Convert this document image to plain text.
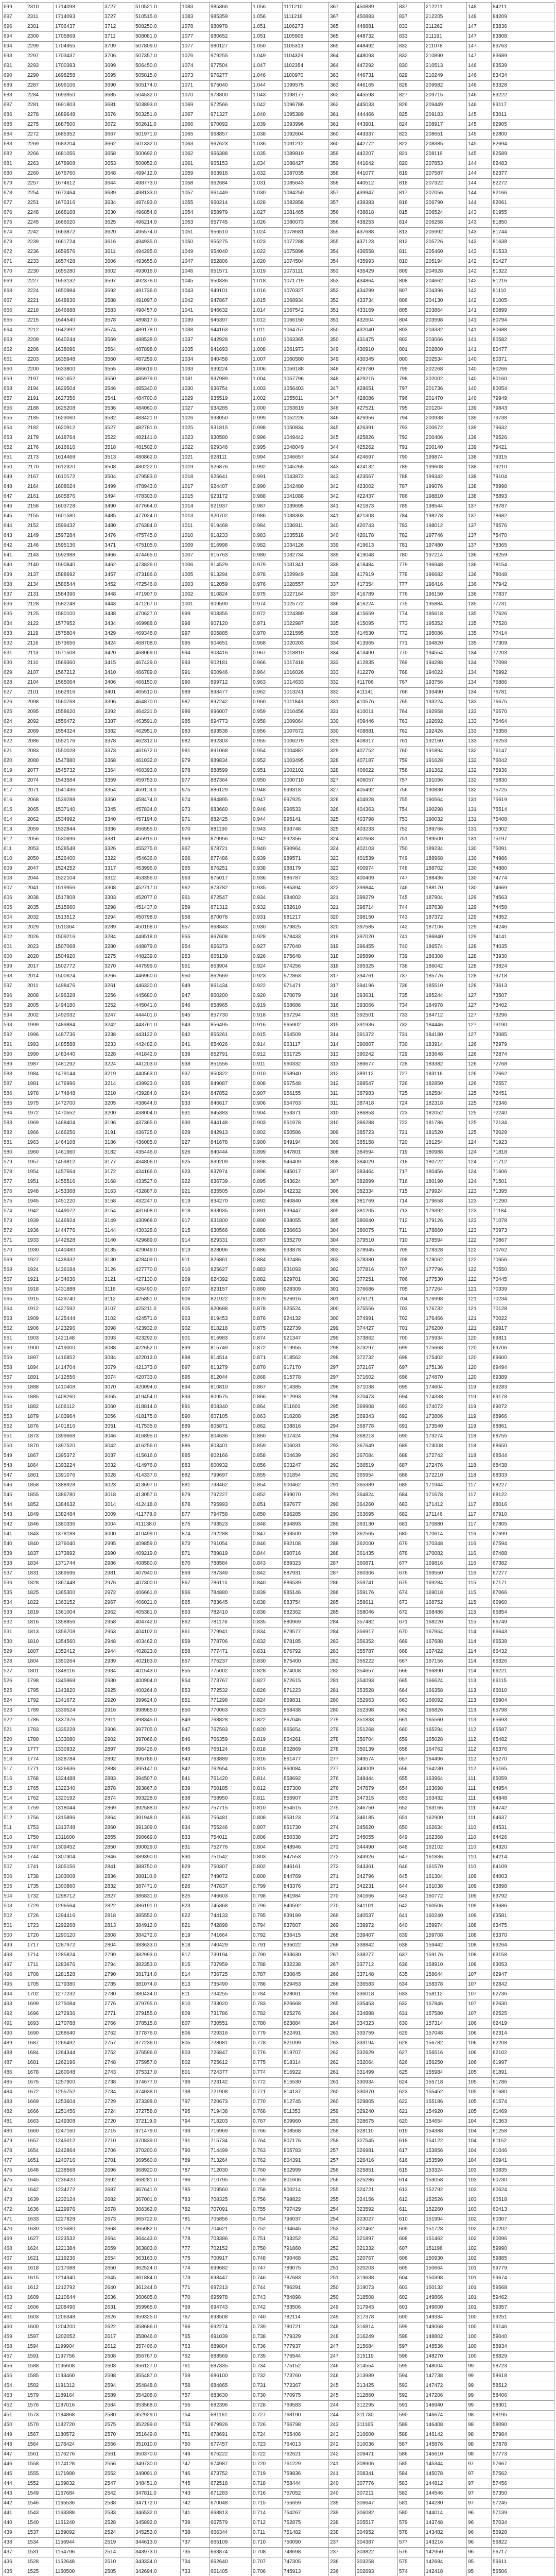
699	2310	1714098	3727	510521.0	1083	985366	1.056	1111210	367	450889	837	212211	148	84211
697	2311	1714093	3727	510515.0	1083	985359	1.056	1111218	367	450883	837	212205	148	84209
696	2301	1706437	3712	508250.0	1078	980978	1.051	1106273	365	448881	833	211262	147	83836
694	2300	1705869	3711	508081.0	1077	980652	1.051	1105905	365	448732	833	211191	147	83808
694	2299	1704955	3709	507809.0	1077	980127	1.050	1105313	365	448492	832	211078	147	83763
693	2297	1703437	3706	507357.0	1076	979255	1.049	1104329	364	448093	832	210890	147	83689
691	2293	1700393	3699	506450.0	1074	977504	1.047	1102354	364	447292	830	210513	146	83539
690	2290	1698258	3695	505815.0	1073	976277	1.046	1100970	363	446731	829	210249	146	83434
689	2287	1696106	3690	505174.0	1071	975040	1.044	1099575	363	446165	828	209982	146	83328
688	2284	1693950	3685	504532.0	1070	973800	1.043	1098177	362	445598	827	209715	146	83222
687	2281	1691803	3681	503893.0	1069	972566	1.042	1096786	362	445033	826	209449	146	83117
686	2278	1689648	3676	503251.0	1067	971327	1.040	1095389	361	444466	825	209183	145	83011
685	2275	1687500	3672	502611.0	1066	970092	1.039	1093996	361	443901	824	208917	145	82905
684	2272	1685352	3667	501971.0	1065	968857	1.038	1092604	360	443337	823	208651	145	82800
683	2269	1683204	3662	501332.0	1063	967623	1.036	1091212	360	442772	822	208385	145	82694
682	2266	1681056	3658	500692.0	1062	966388	1.035	1089819	359	442207	821	208119	145	82589
681	2263	1678908	3653	500052.0	1061	965153	1.034	1088427	359	441642	820	207853	144	82483
680	2260	1676760	3648	499412.0	1059	963918	1.032	1087035	358	441077	819	207587	144	82377
679	2257	1674612	3644	498773.0	1058	962684	1.031	1085643	358	440512	818	207322	144	82272
678	2254	1672464	3639	498133.0	1057	961449	1.030	1084250	357	439947	817	207056	144	82166
677	2251	1670316	3634	497493.0	1055	960214	1.028	1082858	357	439383	816	206790	144	82061
676	2248	1668168	3630	496854.0	1054	958979	1.027	1081465	356	438818	815	206524	143	81955
675	2245	1666020	3625	496214.0	1053	957745	1.026	1080073	356	438253	814	206258	143	81850
674	2242	1663872	3620	495574.0	1051	956510	1.024	1078681	355	437688	813	205992	143	81744
673	2239	1661724	3616	494935.0	1050	955275	1.023	1077288	355	437123	812	205726	143	81638
672	2236	1659576	3611	494295.0	1049	954040	1.022	1075896	354	436558	811	205460	143	81533
671	2233	1657428	3606	493655.0	1047	952806	1.020	1074504	354	435993	810	205194	142	81427
670	2230	1655280	3602	493016.0	1046	951571	1.019	1073111	353	435429	809	204928	142	81322
669	2227	1653132	3597	492376.0	1045	950336	1.018	1071719	353	434864	808	204662	142	81216
668	2224	1650984	3592	491736.0	1043	949101	1.016	1070327	352	434299	807	204396	142	81110
667	2221	1648836	3588	491097.0	1042	947867	1.015	1068934	352	433734	806	204130	142	81005
666	2218	1646688	3583	490457.0	1041	946632	1.014	1067542	351	433169	805	203864	141	80899
665	2215	1644540	3578	489817.0	1039	945397	1.012	1066150	351	432604	804	203598	141	80794
664	2212	1642392	3574	489178.0	1038	944163	1.011	1064757	350	432040	803	203332	141	80688
663	2209	1640244	3569	488538.0	1037	942928	1.010	1063365	350	431475	802	203066	141	80582
662	2206	1638096	3564	487898.0	1035	941693	1.008	1061973	349	430910	801	202800	141	80477
661	2203	1635948	3560	487259.0	1034	940458	1.007	1060580	349	430345	800	202534	140	80371
660	2200	1633800	3555	486619.0	1033	939224	1.006	1059188	348	429780	799	202268	140	80266
659	2197	1631652	3550	485979.0	1031	937989	1.004	1057796	348	429215	798	202002	140	80160
658	2194	1629504	3546	485340.0	1030	936754	1.003	1056403	347	428651	797	201736	140	80054
657	2191	1627356	3541	484700.0	1029	935519	1.002	1055011	347	428086	796	201470	140	79949
656	2188	1625208	3536	484060.0	1027	934285	1.000	1053619	346	427521	795	201204	139	79843
655	2185	1623060	3532	483421.0	1026	933050	0.999	1052226	346	426956	794	200938	139	79738
654	2182	1620912	3527	482781.0	1025	931815	0.998	1050834	345	426391	793	200672	139	79632
653	2179	1618764	3522	482141.0	1023	930580	0.996	1049442	345	425826	792	200406	139	79526
652	2176	1616616	3518	481502.0	1022	929346	0.995	1048049	344	425262	791	200140	139	79421
651	2173	1614468	3513	480862.0	1021	928111	0.994	1046657	344	424697	790	199874	138	79315
650	2170	1612320	3508	480222.0	1019	926876	0.992	1045265	343	424132	789	199608	138	79210
649	2167	1610172	3504	479583.0	1018	925641	0.991	1043872	343	423567	788	199342	138	79104
648	2164	1608024	3499	478943.0	1017	924407	0.990	1042480	342	423002	787	199076	138	78998
647	2161	1605876	3494	478303.0	1015	923172	0.988	1041088	342	422437	786	198810	138	78893
646	2158	1603728	3490	477664.0	1014	921937	0.987	1039695	341	421873	785	198544	137	78787
645	2155	1601580	3485	477024.0	1013	920702	0.986	1038303	341	421308	784	198278	137	78682
644	2152	1599432	3480	476384.0	1011	919468	0.984	1036911	340	420743	783	198012	137	78576
643	2149	1597284	3476	475745.0	1010	918233	0.983	1035518	340	420178	782	197746	137	78470
642	2146	1595136	3471	475105.0	1009	916998	0.982	1034126	339	419613	781	197480	137	78365
641	2143	1592988	3466	474465.0	1007	915763	0.980	1032734	339	419048	780	197214	136	78259
640	2140	1590840	3462	473826.0	1006	914529	0.979	1031341	338	418484	779	196948	136	78154
639	2137	1588692	3457	473186.0	1005	913294	0.978	1029949	338	417919	778	196682	136	78048
638	2134	1586544	3452	472546.0	1003	912059	0.976	1028557	337	417354	777	196416	136	77942
637	2131	1584396	3448	471907.0	1002	910824	0.975	1027164	337	416789	776	196150	136	77837
636	2128	1582248	3443	471267.0	1001	909590	0.974	1025772	336	416224	775	195884	135	77731
635	2125	1580100	3438	470627.0	999	908355	0.972	1024380	336	415659	774	195618	135	77626
634	2122	1577952	3434	469988.0	998	907120	0.971	1022987	335	415095	773	195352	135	77520
633	2119	1575804	3429	469348.0	997	905885	0.970	1021595	335	414530	772	195086	135	77414
632	2116	1573656	3424	468708.0	995	904651	0.968	1020203	334	413965	771	194820	135	77309
631	2113	1571508	3420	468069.0	994	903416	0.967	1018810	334	413400	770	194554	134	77203
630	2110	1569360	3415	467429.0	993	902181	0.966	1017418	333	412835	769	194288	134	77098
629	2107	1567212	3410	466789.0	991	900946	0.964	1016026	333	412270	768	194022	134	76992
628	2104	1565064	3406	466150.0	990	899712	0.963	1014633	332	411706	767	193756	134	76886
627	2101	1562916	3401	465510.0	989	898477	0.962	1013241	332	411141	766	193490	134	76781
626	2098	1560768	3396	464870.0	987	897242	0.960	1011849	331	410576	765	193224	133	76675
625	2095	1558620	3392	464231.0	986	896007	0.959	1010456	331	410011	764	192958	133	76570
624	2092	1556472	3387	463591.0	985	894773	0.958	1009064	330	409446	763	192692	133	76464
623	2089	1554324	3382	462951.0	983	893538	0.956	1007672	330	408881	762	192426	133	76358
622	2086	1552176	3378	462312.0	982	892303	0.955	1006279	329	408317	761	192160	133	76253
621	2083	1550028	3373	461672.0	981	891068	0.954	1004887	329	407752	760	191894	132	76147
620	2080	1547880	3368	461032.0	979	889834	0.952	1003495	328	407187	759	191628	132	76042
619	2077	1545732	3364	460393.0	978	888599	0.951	1002102	328	406622	758	191362	132	75936
618	2074	1543584	3359	459753.0	977	887364	0.950	1000710	327	406057	757	191096	132	75830
617	2071	1541436	3354	459113.0	975	886129	0.948	999318	327	405492	756	190830	132	75725
616	2068	1539288	3350	458474.0	974	884895	0.947	997925	326	404928	755	190564	131	75619
615	2065	1537140	3345	457834.0	973	883660	0.946	996533	326	404363	754	190298	131	75514
614	2062	1534992	3340	457194.0	971	882425	0.944	995141	325	403798	753	190032	131	75408
613	2059	1532844	3336	456555.0	970	881190	0.943	993748	325	403233	752	189766	131	75302
612	2056	1530696	3331	455915.0	969	879956	0.942	992356	324	402668	751	189500	131	75197
611	2053	1528548	3326	455275.0	967	878721	0.940	990964	324	402103	750	189234	130	75091
610	2050	1526400	3322	454636.0	966	877486	0.939	989571	323	401539	749	188968	130	74986
609	2047	1524252	3317	453996.0	965	876251	0.938	988179	323	400974	748	188702	130	74880
608	2044	1522104	3312	453356.0	963	875017	0.936	986787	322	400409	747	188436	130	74774
607	2041	1519956	3308	452717.0	962	873782	0.935	985394	322	399844	746	188170	130	74669
606	2038	1517808	3303	452077.0	961	872547	0.934	984002	321	399279	745	187904	129	74563
605	2035	1515660	3298	451437.0	959	871312	0.932	982610	321	398714	744	187638	129	74458
604	2032	1513512	3294	450798.0	958	870078	0.931	981217	320	398150	743	187372	129	74352
603	2029	1511364	3289	450158.0	957	868843	0.930	979825	320	397585	742	187106	129	74246
602	2026	1509216	3284	449518.0	955	867608	0.928	978433	319	397020	741	186840	129	74141
601	2023	1507068	3280	448879.0	954	866373	0.927	977040	319	396455	740	186574	128	74035
600	2020	1504920	3275	448239.0	953	865139	0.926	975648	318	395890	739	186308	128	73930
599	2017	1502772	3270	447599.0	951	863904	0.924	974256	318	395325	738	186042	128	73824
598	2014	1500624	3266	446960.0	950	862669	0.923	972863	317	394761	737	185776	128	73718
597	2011	1498476	3261	446320.0	949	861434	0.922	971471	317	394196	736	185510	128	73613
596	2008	1496328	3256	445680.0	947	860200	0.920	970079	316	393631	735	185244	127	73507
595	2005	1494180	3252	445041.0	946	858965	0.919	968686	316	393066	734	184978	127	73402
594	2002	1492032	3247	444401.0	945	857730	0.918	967294	315	392501	733	184712	127	73296
593	1999	1489884	3242	443761.0	943	856495	0.916	965902	315	391936	732	184446	127	73190
592	1996	1487736	3238	443122.0	942	855261	0.915	964509	314	391372	731	184180	127	73085
591	1993	1485588	3233	442482.0	941	854026	0.914	963117	314	390807	730	183914	126	72979
590	1990	1483440	3228	441842.0	939	852791	0.912	961725	313	390242	729	183648	126	72874
589	1987	1481292	3224	441203.0	938	851556	0.911	960332	313	389677	728	183382	126	72768
588	1984	1479144	3219	440563.0	937	850322	0.910	958940	312	389112	727	183116	126	72662
587	1981	1476996	3214	439923.0	935	849087	0.908	957548	312	388547	726	182850	126	72557
586	1978	1474848	3210	439284.0	934	847852	0.907	956155	311	387983	725	182584	125	72451
585	1975	1472700	3205	438644.0	933	846617	0.906	954763	311	387418	724	182318	125	72346
584	1972	1470552	3200	438004.0	931	845383	0.904	953371	310	386853	723	182052	125	72240
583	1969	1468404	3196	437365.0	930	844148	0.903	951978	310	386288	722	181786	125	72134
582	1966	1466256	3191	436725.0	929	842913	0.902	950586	309	385723	721	181520	125	72029
581	1963	1464108	3186	436085.0	927	841678	0.900	949194	309	385158	720	181254	124	71923
580	1960	1461960	3182	435446.0	926	840444	0.899	947801	308	384594	719	180988	124	71818
579	1957	1459812	3177	434806.0	925	839209	0.898	946409	308	384029	718	180722	124	71712
578	1954	1457664	3172	434166.0	923	837974	0.896	945017	307	383464	717	180456	124	71606
577	1951	1455516	3168	433527.0	922	836739	0.895	943624	307	382899	716	180190	124	71501
576	1948	1453368	3163	432887.0	921	835505	0.894	942232	306	382334	715	179924	123	71395
575	1945	1451220	3158	432247.0	919	834270	0.892	940840	306	381769	714	179658	123	71290
574	1942	1449072	3154	431608.0	918	833035	0.891	939447	305	381205	713	179392	123	71184
573	1939	1446924	3149	430968.0	917	831800	0.890	938055	305	380640	712	179126	123	71078
572	1936	1444776	3144	430328.0	915	830566	0.888	936663	304	380075	711	178860	123	70973
571	1933	1442628	3140	429689.0	914	829331	0.887	935270	304	379510	710	178594	122	70867
570	1930	1440480	3135	429049.0	913	828096	0.886	933878	303	378945	709	178328	122	70762
569	1927	1438332	3130	428409.0	911	826861	0.884	932486	303	378380	708	178062	122	70656
568	1924	1436184	3126	427770.0	910	825627	0.883	931093	302	377816	707	177796	122	70550
567	1921	1434036	3121	427130.0	909	824392	0.882	929701	302	377251	706	177530	122	70445
566	1918	1431888	3116	426490.0	907	823157	0.880	928309	301	376686	705	177264	121	70339
565	1915	1429740	3112	425851.0	906	821922	0.879	926916	301	376121	704	176998	121	70234
564	1912	1427592	3107	425211.0	905	820688	0.878	925524	300	375556	703	176732	121	70128
563	1909	1425444	3102	424571.0	903	819453	0.876	924132	300	374991	702	176466	121	70022
562	1906	1423296	3098	423932.0	902	818218	0.875	922739	299	374427	701	176200	121	69917
561	1903	1421148	3093	423292.0	901	816983	0.874	921347	299	373862	700	175934	120	69811
560	1900	1419000	3088	422652.0	899	815749	0.872	919955	298	373297	699	175668	120	69706
559	1897	1416852	3084	422013.0	898	814514	0.871	918562	298	372732	698	175402	120	69600
558	1894	1414704	3079	421373.0	897	813279	0.870	917170	297	372167	697	175136	120	69494
557	1891	1412556	3074	420733.0	895	812044	0.868	915778	297	371602	696	174870	120	69389
556	1888	1410408	3070	420094.0	894	810810	0.867	914385	296	371038	695	174604	119	69283
555	1885	1408260	3065	419454.0	893	809575	0.866	912993	296	370473	694	174338	119	69178
554	1882	1406112	3060	418814.0	891	808340	0.864	911601	295	369908	693	174072	119	69072
553	1879	1403964	3056	418175.0	890	807105	0.863	910208	295	369343	692	173806	119	68966
552	1876	1401816	3051	417535.0	889	805871	0.862	908816	294	368778	691	173540	119	68861
551	1873	1399668	3046	416895.0	887	804636	0.860	907424	294	368213	690	173274	118	68755
550	1870	1397520	3042	416256.0	886	803401	0.859	906031	293	367649	689	173008	118	68650
549	1867	1395372	3037	415616.0	885	802166	0.858	904639	293	367084	688	172742	118	68544
548	1864	1393224	3032	414976.0	883	800932	0.856	903247	292	366519	687	172476	118	68438
547	1861	1391076	3028	414337.0	882	799697	0.855	901854	292	365954	686	172210	118	68333
546	1858	1388928	3023	413697.0	881	798462	0.854	900462	291	365389	685	171944	117	68227
545	1855	1386780	3018	413057.0	879	797227	0.852	899070	291	364824	684	171678	117	68122
544	1852	1384632	3014	412418.0	878	795993	0.851	897677	290	364260	683	171412	117	68016
543	1849	1382484	3009	411778.0	877	794758	0.850	896285	290	363695	682	171146	117	67910
542	1846	1380336	3004	411138.0	875	793523	0.848	894893	289	363130	681	170880	117	67805
541	1843	1378188	3000	410499.0	874	792288	0.847	893500	289	362565	680	170614	116	67699
540	1840	1376040	2995	409859.0	873	791054	0.846	892108	288	362000	679	170348	116	67594
539	1837	1373892	2990	409219.0	871	789819	0.844	890716	288	361435	678	170082	116	67488
538	1834	1371744	2986	408580.0	870	788584	0.843	889323	287	360871	677	169816	116	67382
537	1831	1369596	2981	407940.0	869	787349	0.842	887931	287	360306	676	169550	116	67277
536	1828	1367448	2976	407300.0	867	786115	0.840	886539	286	359741	675	169284	115	67171
535	1825	1365300	2972	406661.0	866	784880	0.839	885146	286	359176	674	169018	115	67066
534	1822	1363152	2967	406021.0	865	783645	0.838	883754	285	358611	673	168752	115	66960
533	1819	1361004	2962	405381.0	863	782410	0.836	882362	285	358046	672	168486	115	66854
532	1816	1358856	2958	404742.0	862	781176	0.835	880969	284	357482	671	168220	115	66749
531	1813	1356708	2953	404102.0	861	779941	0.834	879577	284	356917	670	167954	114	66643
530	1810	1354560	2948	403462.0	859	778706	0.832	878185	283	356352	669	167688	114	66538
529	1807	1352412	2944	402823.0	858	777471	0.831	876792	283	355787	668	167422	114	66432
528	1804	1350264	2939	402183.0	857	776237	0.830	875400	282	355222	667	167156	114	66326
527	1801	1348116	2934	401543.0	855	775002	0.828	874008	282	354657	666	166890	114	66221
526	1798	1345968	2930	400904.0	854	773767	0.827	872615	281	354093	665	166624	113	66115
525	1795	1343820	2925	400264.0	853	772532	0.826	871223	281	353528	664	166358	113	66010
524	1792	1341672	2920	399624.0	851	771298	0.824	869831	280	352963	663	166092	113	65904
523	1789	1339524	2916	398985.0	850	770063	0.823	868438	280	352398	662	165826	113	65798
522	1786	1337376	2911	398345.0	849	768828	0.822	867046	279	351833	661	165560	113	65693
521	1783	1335228	2906	397705.0	847	767593	0.820	865654	279	351268	660	165294	112	65587
520	1780	1333080	2902	397066.0	846	766359	0.819	864261	278	350704	659	165028	112	65482
519	1777	1330932	2897	396426.0	845	765124	0.818	862869	278	350139	658	164762	112	65376
518	1774	1328784	2892	395786.0	843	763889	0.816	861477	277	349574	657	164496	112	65270
517	1771	1326636	2888	395147.0	842	762654	0.815	860084	277	349009	656	164230	112	65165
516	1768	1324488	2883	394507.0	841	761420	0.814	858692	276	348444	655	163964	111	65059
515	1765	1322340	2878	393867.0	839	760185	0.812	857300	276	347879	654	163698	111	64954
514	1762	1320192	2874	393228.0	838	758950	0.811	855907	275	347315	653	163432	111	64848
513	1759	1318044	2869	392588.0	837	757715	0.810	854515	275	346750	652	163166	111	64742
512	1756	1315896	2864	391948.0	835	756481	0.808	853123	274	346185	651	162900	111	64637
511	1753	1313748	2860	391309.0	834	755246	0.807	851730	274	345620	650	162634	110	64531
510	1750	1311600	2855	390669.0	833	754011	0.806	850338	273	345055	649	162368	110	64426
509	1747	1309452	2850	390029.0	831	752776	0.804	848946	273	344490	648	162102	110	64320
508	1744	1307304	2846	389390.0	830	751542	0.803	847553	272	343926	647	161836	110	64214
507	1741	1305156	2841	388750.0	829	750307	0.802	846161	272	343361	646	161570	110	64109
506	1738	1303008	2836	388110.0	827	749072	0.800	844769	271	342796	645	161304	109	64003
505	1735	1300860	2832	387471.0	826	747837	0.799	843376	271	342231	644	161038	109	63898
504	1732	1298712	2827	386831.0	825	746603	0.798	841984	270	341666	643	160772	109	63792
503	1729	1296564	2822	386191.0	823	745368	0.796	840592	270	341101	642	160506	109	63686
502	1726	1294416	2818	385552.0	822	744133	0.795	839199	269	340537	641	160240	109	63581
501	1723	1292268	2813	384912.0	821	742898	0.794	837807	269	339972	640	159974	108	63475
500	1720	1290120	2808	384272.0	819	741664	0.792	836415	268	339407	639	159708	108	63370
499	1717	1287972	2804	383633.0	818	740429	0.791	835022	268	338842	638	159442	108	63264
498	1714	1285824	2799	382993.0	817	739194	0.790	833630	267	338277	637	159176	108	63158
497	1711	1283676	2794	382353.0	815	737959	0.788	832238	267	337712	636	158910	108	63053
496	1708	1281528	2790	381714.0	814	736725	0.787	830845	266	337148	635	158644	107	62947
495	1705	1279380	2785	381074.0	813	735490	0.786	829453	266	336583	634	158378	107	62842
494	1702	1277232	2780	380434.0	811	734255	0.784	828061	265	336018	633	158112	107	62736
493	1699	1275084	2776	379795.0	810	733020	0.783	826668	265	335453	632	157846	107	62630
492	1696	1272936	2771	379155.0	809	731786	0.782	825276	264	334888	631	157580	107	62525
491	1693	1270788	2766	378515.0	807	730551	0.780	823884	264	334323	630	157314	106	62419
490	1690	1268640	2762	377876.0	806	729316	0.779	822491	263	333759	629	157048	106	62314
489	1687	1266492	2757	377236.0	805	728081	0.778	821099	263	333194	628	156782	106	62208
488	1684	1264344	2752	376596.0	803	726847	0.776	819707	262	332629	627	156516	106	62102
487	1681	1262196	2748	375957.0	802	725612	0.775	818314	262	332064	626	156250	106	61997
486	1678	1260048	2743	375317.0	801	724377	0.774	816922	261	331499	625	155984	105	61891
485	1675	1257900	2738	374677.0	799	723142	0.772	815530	261	330934	624	155718	105	61786
484	1672	1255752	2734	374038.0	798	721908	0.771	814137	260	330370	623	155452	105	61680
483	1669	1253604	2729	373398.0	797	720673	0.770	812745	260	329805	622	155186	105	61574
482	1666	1251456	2724	372758.0	795	719438	0.768	811353	259	329240	621	154920	105	61469
481	1663	1249308	2720	372119.0	794	718203	0.767	809960	259	328675	620	154654	104	61363
480	1660	1247160	2715	371479.0	793	716969	0.766	808568	258	328110	619	154388	104	61258
479	1657	1245012	2710	370839.0	791	715734	0.764	807176	258	327545	618	154122	104	61152
478	1654	1242864	2706	370200.0	790	714499	0.763	805783	257	326981	617	153856	104	61046
477	1651	1240716	2701	369560.0	789	713264	0.762	804391	257	326416	616	153590	104	60941
476	1648	1238568	2696	368920.0	787	712030	0.760	802999	256	325851	615	153324	103	60835
475	1645	1236420	2692	368281.0	786	710795	0.759	801606	256	325286	614	153058	103	60730
474	1642	1234272	2687	367641.0	785	709560	0.758	800214	255	324721	613	152792	103	60624
473	1639	1232124	2682	367001.0	783	708325	0.756	798822	255	324156	612	152526	103	60518
472	1636	1229976	2678	366362.0	782	707091	0.755	797429	254	323592	611	152260	103	60413
471	1633	1227828	2673	365722.0	781	705856	0.754	796037	254	323027	610	151994	102	60307
470	1630	1225680	2668	365082.0	779	704621	0.752	794645	253	322462	609	151728	102	60202
469	1627	1223532	2664	364443.0	778	703386	0.751	793252	253	321897	608	151462	102	60096
468	1624	1221384	2659	363803.0	777	702152	0.750	791860	252	321332	607	151196	102	59990
467	1621	1219236	2654	363163.0	775	700917	0.748	790468	252	320767	606	150930	102	59885
466	1618	1217088	2650	362524.0	774	699682	0.747	789075	251	320203	605	150664	101	59779
465	1615	1214940	2645	361884.0	773	698447	0.746	787683	251	319638	604	150398	101	59674
464	1612	1212792	2640	361244.0	771	697213	0.744	786291	250	319073	603	150132	101	59568
463	1609	1210644	2636	360605.0	770	695978	0.743	784898	250	318508	602	149866	101	59462
462	1606	1208496	2631	359965.0	769	694743	0.742	783506	249	317943	601	149600	101	59357
461	1603	1206348	2626	359325.0	767	693508	0.740	782114	249	317378	600	149334	100	59251
460	1600	1204200	2622	358686.0	766	692274	0.739	780721	248	316814	599	149068	100	59146
459	1597	1202052	2617	358046.0	765	691039	0.738	779329	248	316249	598	148802	100	59040
458	1594	1199904	2612	357406.0	763	689804	0.736	777937	247	315684	597	148536	100	58934
457	1591	1197756	2608	356767.0	762	688569	0.735	776544	247	315119	596	148270	100	58829
456	1588	1195608	2603	356127.0	761	687335	0.734	775152	246	314554	595	148004	99	58723
455	1585	1193460	2598	355487.0	759	686100	0.732	773760	246	313989	594	147738	99	58618
454	1582	1191312	2594	354848.0	758	684865	0.731	772367	245	313425	593	147472	99	58512
453	1579	1189164	2589	354208.0	757	683630	0.730	770975	245	312860	592	147206	99	58406
452	1576	1187016	2584	353568.0	755	682396	0.728	769583	244	312295	591	146940	99	58301
451	1573	1184868	2580	352929.0	754	681161	0.727	768190	244	311730	590	146674	98	58195
450	1570	1182720	2575	352289.0	753	679926	0.726	766798	243	311165	589	146408	98	58090
449	1567	1180572	2570	351649.0	751	678691	0.724	765406	243	310600	588	146142	98	57984
448	1564	1178424	2566	351010.0	750	677457	0.723	764013	242	310036	587	145876	98	57878
447	1561	1176276	2561	350370.0	749	676222	0.722	762621	242	309471	586	145610	98	57773
446	1558	1174128	2556	349730.0	747	674987	0.720	761229	241	308906	585	145344	97	57667
445	1555	1171980	2552	349091.0	746	673752	0.719	759836	241	308341	584	145078	97	57562
444	1552	1169832	2547	348451.0	745	672518	0.718	758444	240	307776	583	144812	97	57456
443	1549	1167684	2542	347811.0	743	671283	0.716	757052	240	307211	582	144546	97	57350
442	1546	1165536	2538	347172.0	742	670048	0.715	755659	239	306647	581	144280	97	57245
441	1543	1163388	2533	346532.0	741	668813	0.714	754267	239	306082	580	144014	96	57139
440	1540	1161240	2528	345892.0	739	667579	0.712	752875	238	305517	579	143748	96	57034
439	1537	1159092	2524	345253.0	738	666344	0.711	751482	238	304952	578	143482	96	56928
438	1534	1156944	2519	344613.0	737	665109	0.710	750090	237	304387	577	143216	96	56822
437	1531	1154796	2514	343973.0	735	663874	0.708	748698	237	303822	576	142950	96	56717
436	1528	1152648	2510	343334.0	734	662640	0.707	747305	236	303258	575	142684	95	56611
435	1525	1150500	2505	342694.0	733	661405	0.706	745913	236	302693	574	142418	95	56506
